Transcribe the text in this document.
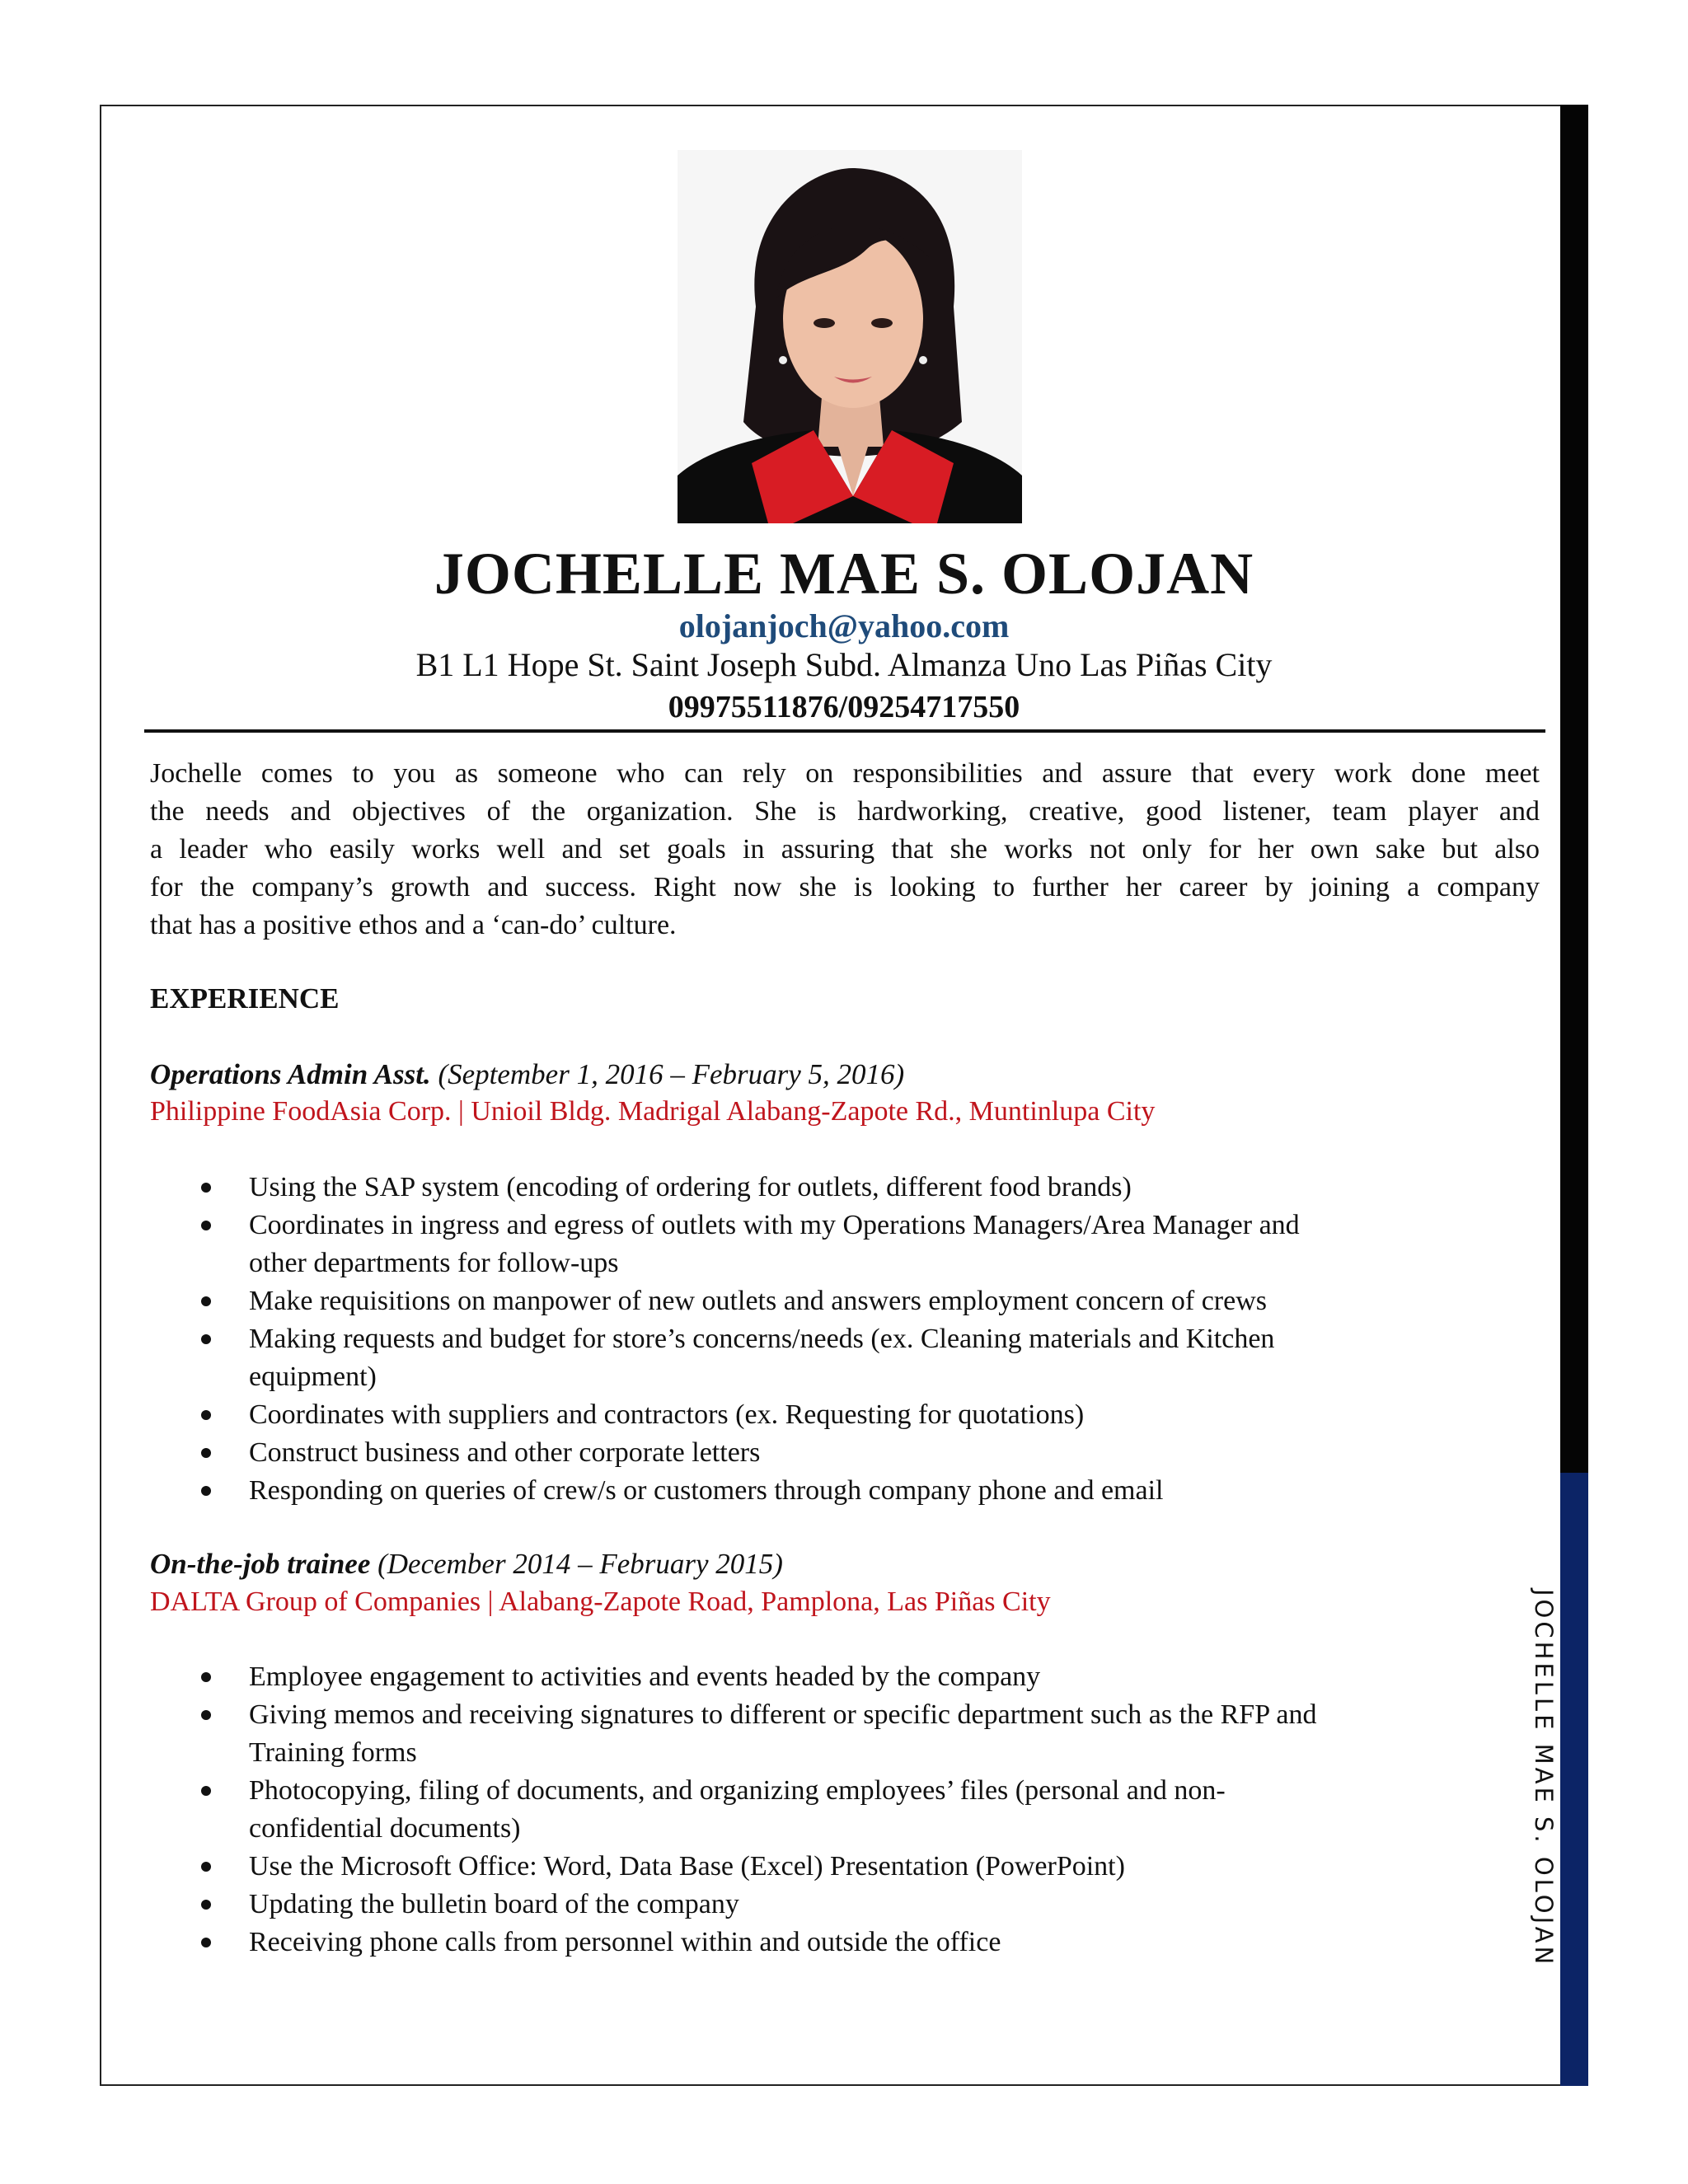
JOCHELLE MAE S. OLOJAN
JOCHELLE MAE S. OLOJAN
olojanjoch@yahoo.com
B1 L1 Hope St. Saint Joseph Subd. Almanza Uno Las Piñas City
09975511876/09254717550
Jochelle comes to you as someone who can rely on responsibilities and assure that every work done meet
the needs and objectives of the organization. She is hardworking, creative, good listener, team player and
a leader who easily works well and set goals in assuring that she works not only for her own sake but also
for the company’s growth and success. Right now she is looking to further her career by joining a company
that has a positive ethos and a ‘can-do’ culture.
EXPERIENCE
Operations Admin Asst. (September 1, 2016 – February 5, 2016)
Philippine FoodAsia Corp. | Unioil Bldg. Madrigal Alabang-Zapote Rd., Muntinlupa City
Using the SAP system (encoding of ordering for outlets, different food brands)
Coordinates in ingress and egress of outlets with my Operations Managers/Area Manager and other departments for follow-ups
Make requisitions on manpower of new outlets and answers employment concern of crews
Making requests and budget for store’s concerns/needs (ex. Cleaning materials and Kitchen equipment)
Coordinates with suppliers and contractors (ex. Requesting for quotations)
Construct business and other corporate letters
Responding on queries of crew/s or customers through company phone and email
On-the-job trainee (December 2014 – February 2015)
DALTA Group of Companies | Alabang-Zapote Road, Pamplona, Las Piñas City
Employee engagement to activities and events headed by the company
Giving memos and receiving signatures to different or specific department such as the RFP and Training forms
Photocopying, filing of documents, and organizing employees’ files (personal and non-confidential documents)
Use the Microsoft Office: Word, Data Base (Excel) Presentation (PowerPoint)
Updating the bulletin board of the company
Receiving phone calls from personnel within and outside the office
